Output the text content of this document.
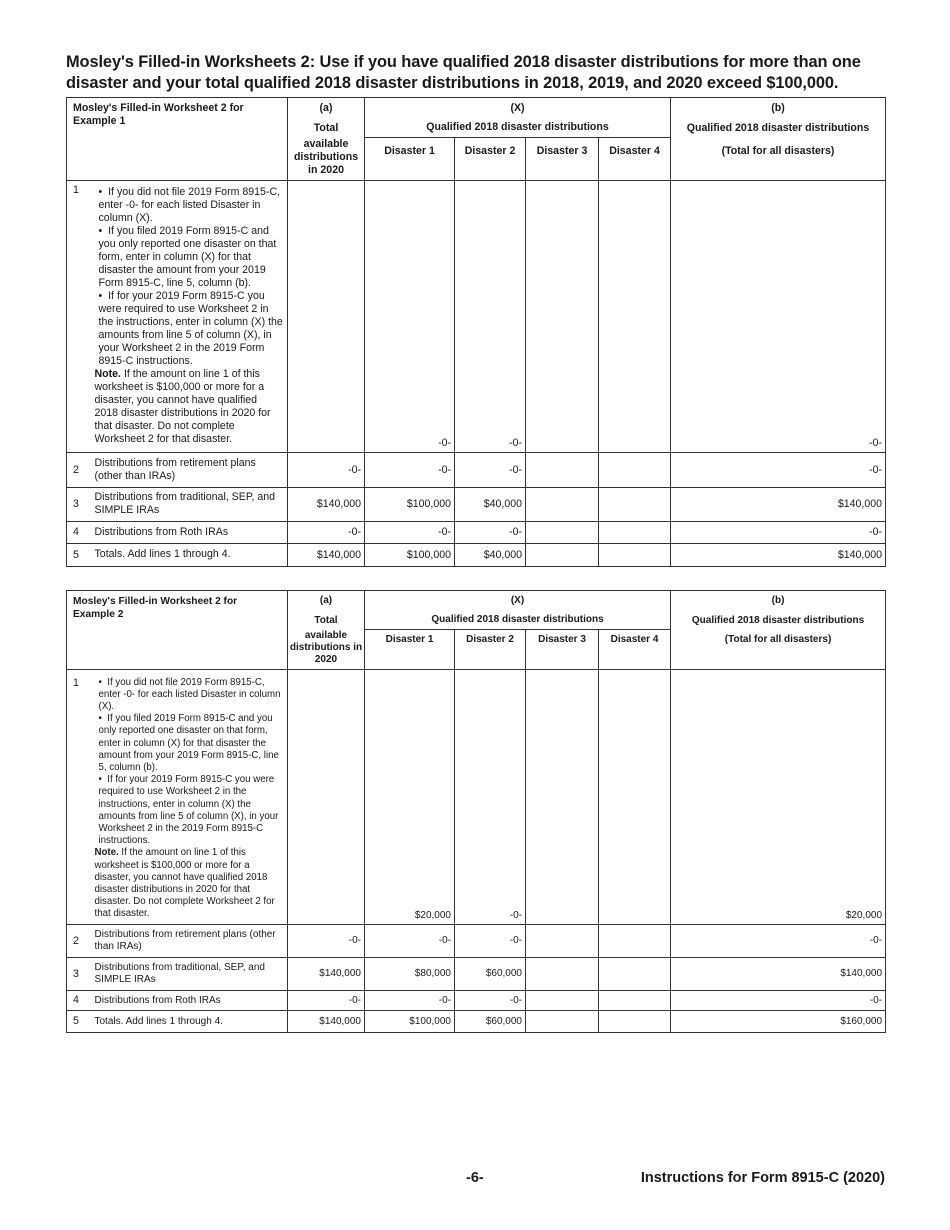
Mosley's Filled-in Worksheets 2: Use if you have qualified 2018 disaster distributions for more than one disaster and your total qualified 2018 disaster distributions in 2018, 2019, and 2020 exceed $100,000.
Mosley's Filled-in Worksheet 2 for Example 1		(a)	(X)				(b)
		Total	Qualified 2018 disaster distributions				Qualified 2018 disaster distributions
		available distributions in 2020	Disaster 1	Disaster 2	Disaster 3	Disaster 4	(Total for all disasters)
1	•  If you did not file 2019 Form 8915-C, enter -0- for each listed Disaster in column (X).
•  If you filed 2019 Form 8915-C and you only reported one disaster on that form, enter in column (X) for that disaster the amount from your 2019 Form 8915-C, line 5, column (b).
•  If for your 2019 Form 8915-C you were required to use Worksheet 2 in the instructions, enter in column (X) the amounts from line 5 of column (X), in your Worksheet 2 in the 2019 Form 8915-C instructions.
Note. If the amount on line 1 of this worksheet is $100,000 or more for a disaster, you cannot have qualified 2018 disaster distributions in 2020 for that disaster. Do not complete Worksheet 2 for that disaster.		-0-	-0-			-0-
2	Distributions from retirement plans (other than IRAs)	-0-	-0-	-0-			-0-
3	Distributions from traditional, SEP, and SIMPLE IRAs	$140,000	$100,000	$40,000			$140,000
4	Distributions from Roth IRAs	-0-	-0-	-0-			-0-
5	Totals. Add lines 1 through 4.	$140,000	$100,000	$40,000			$140,000
Mosley's Filled-in Worksheet 2 for Example 2		(a)	(X)				(b)
		Total	Qualified 2018 disaster distributions				Qualified 2018 disaster distributions
		available distributions in 2020	Disaster 1	Disaster 2	Disaster 3	Disaster 4	(Total for all disasters)
1	•  If you did not file 2019 Form 8915-C, enter -0- for each listed Disaster in column (X).
•  If you filed 2019 Form 8915-C and you only reported one disaster on that form, enter in column (X) for that disaster the amount from your 2019 Form 8915-C, line 5, column (b).
•  If for your 2019 Form 8915-C you were required to use Worksheet 2 in the instructions, enter in column (X) the amounts from line 5 of column (X), in your Worksheet 2 in the 2019 Form 8915-C instructions.
Note. If the amount on line 1 of this worksheet is $100,000 or more for a disaster, you cannot have qualified 2018 disaster distributions in 2020 for that disaster. Do not complete Worksheet 2 for that disaster.		$20,000	-0-			$20,000
2	Distributions from retirement plans (other than IRAs)	-0-	-0-	-0-			-0-
3	Distributions from traditional, SEP, and SIMPLE IRAs	$140,000	$80,000	$60,000			$140,000
4	Distributions from Roth IRAs	-0-	-0-	-0-			-0-
5	Totals. Add lines 1 through 4.	$140,000	$100,000	$60,000			$160,000
-6-	Instructions for Form 8915-C (2020)
